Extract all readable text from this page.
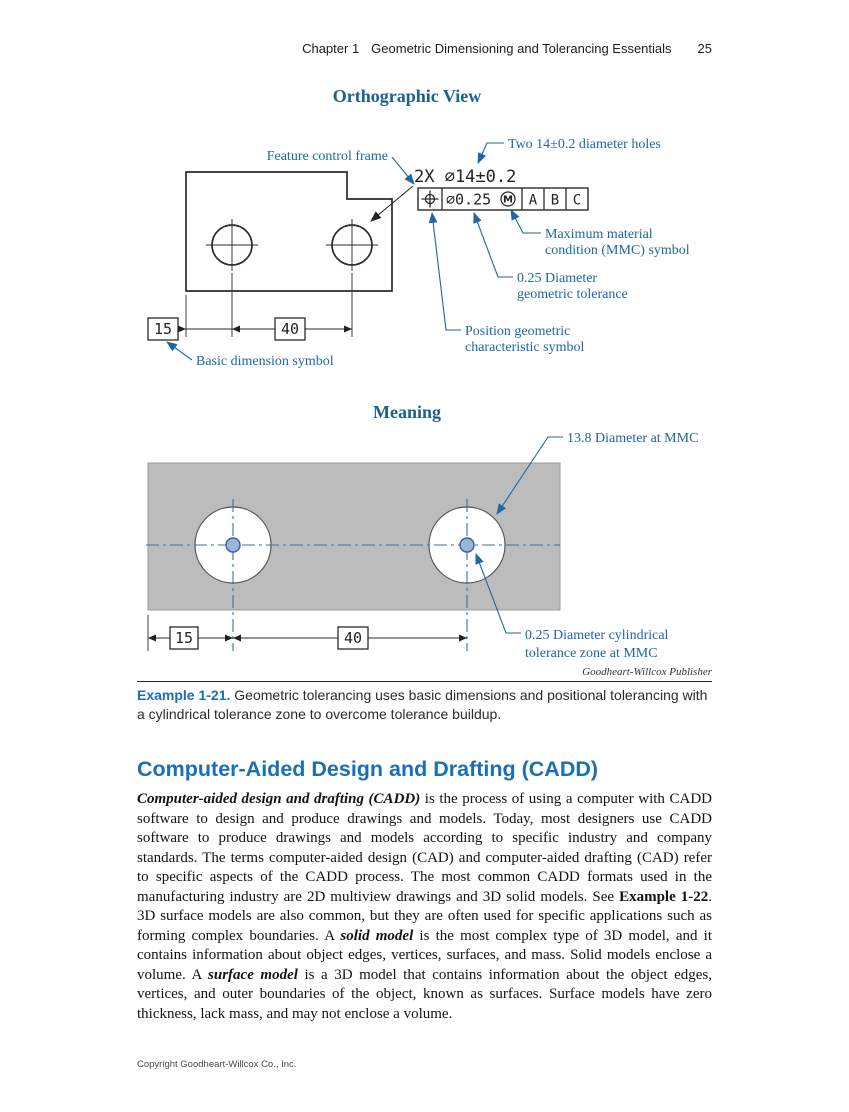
Chapter 1 Geometric Dimensioning and Tolerancing Essentials 25
Orthographic View
15	40
2X ∅14±0.2
∅0.25 M A B C
Feature control frame
Two 14±0.2 diameter holes
Maximum material
condition (MMC) symbol
0.25 Diameter
geometric tolerance
Position geometric
characteristic symbol
Basic dimension symbol
Meaning
15	40
13.8 Diameter at MMC
0.25 Diameter cylindrical
tolerance zone at MMC
Goodheart-Willcox Publisher

Example 1-21. Geometric tolerancing uses basic dimensions and positional tolerancing with a cylindrical tolerance zone to overcome tolerance buildup.

Computer-Aided Design and Drafting (CADD)

Computer-aided design and drafting (CADD) is the process of using a computer with CADD software to design and produce drawings and models. Today, most designers use CADD software to produce drawings and models according to specific industry and company standards. The terms computer-aided design (CAD) and computer-aided drafting (CAD) refer to specific aspects of the CADD process. The most common CADD formats used in the manufacturing industry are 2D multiview drawings and 3D solid models. See Example 1-22. 3D surface models are also common, but they are often used for specific applications such as forming complex boundaries. A solid model is the most complex type of 3D model, and it contains information about object edges, vertices, surfaces, and mass. Solid models enclose a volume. A surface model is a 3D model that contains information about the object edges, vertices, and outer boundaries of the object, known as surfaces. Surface models have zero thickness, lack mass, and may not enclose a volume.

Copyright Goodheart-Willcox Co., Inc.
